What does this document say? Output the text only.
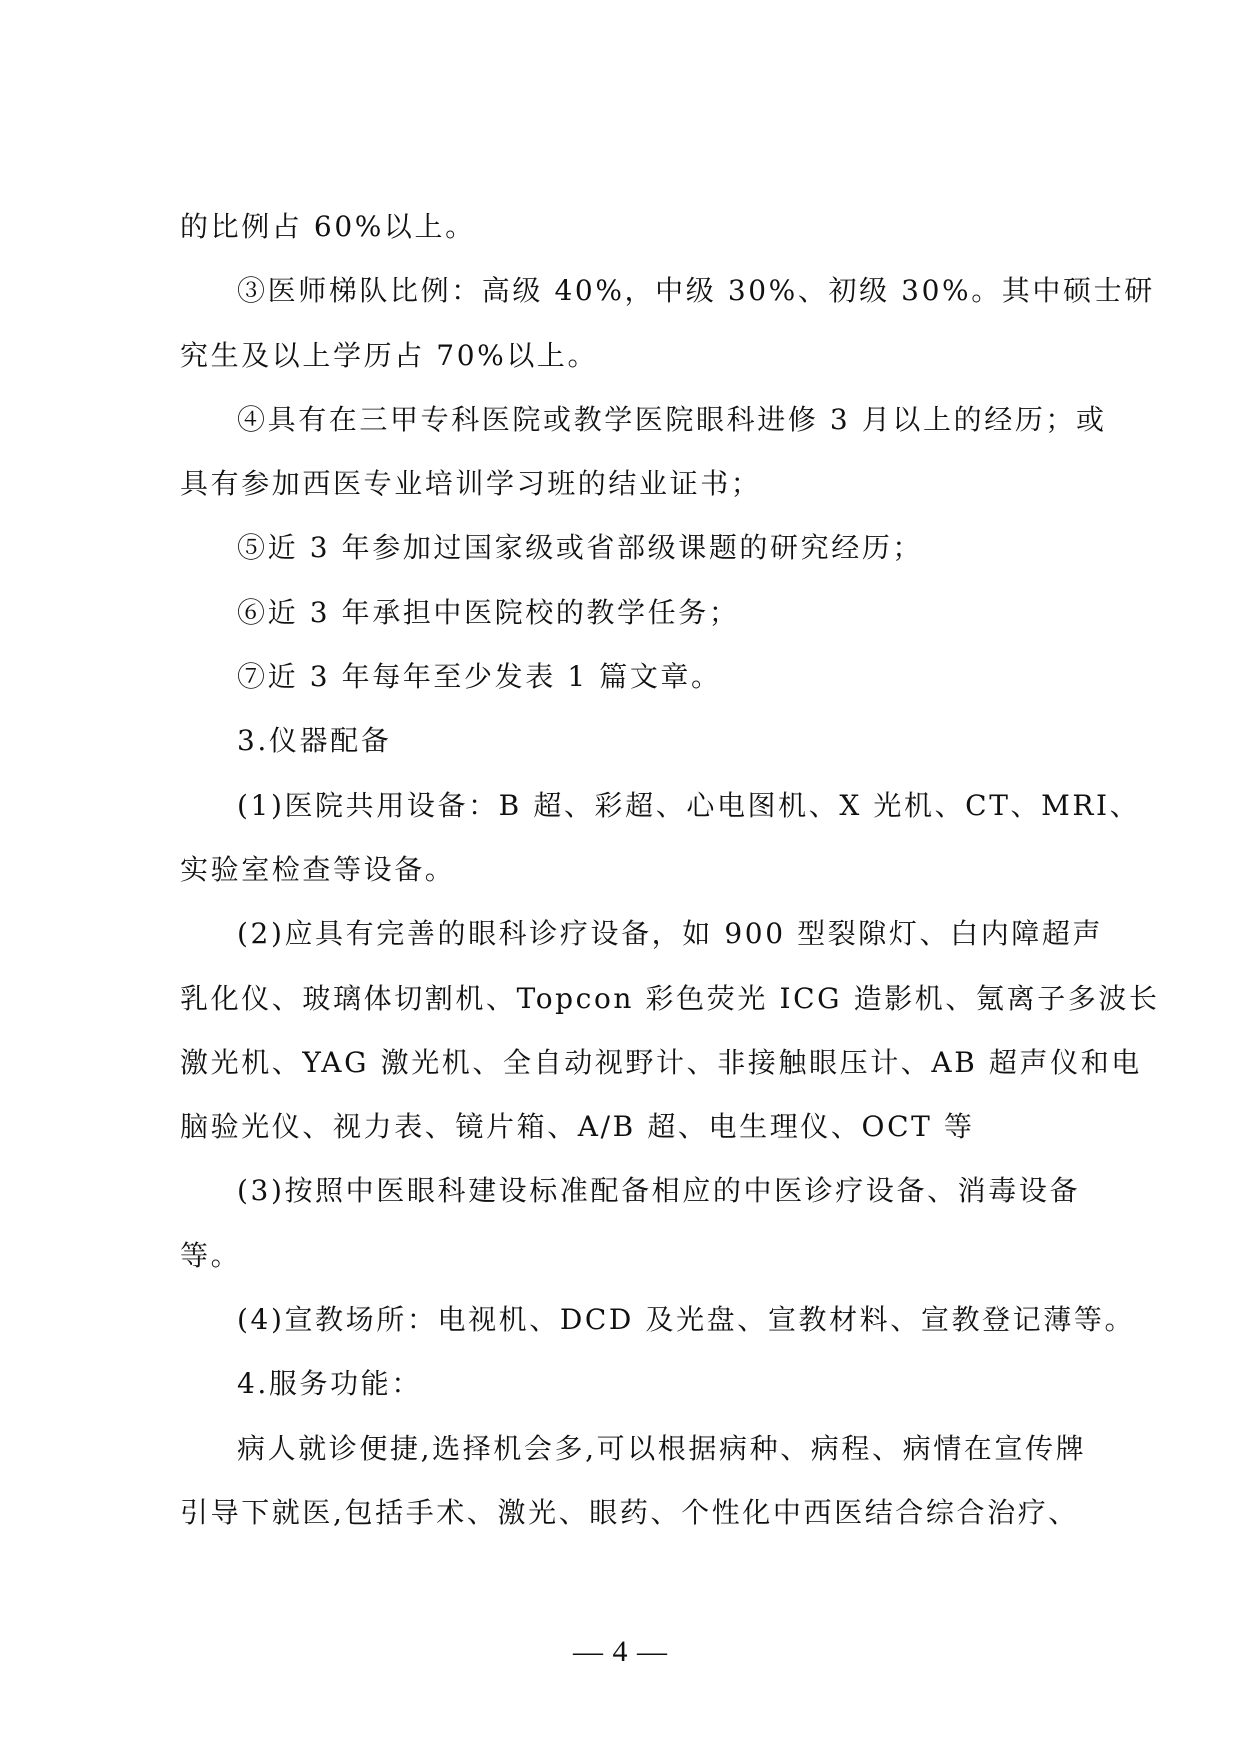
的比例占 60%以上。
③医师梯队比例：高级 40%，中级 30%、初级 30%。其中硕士研
究生及以上学历占 70%以上。
④具有在三甲专科医院或教学医院眼科进修 3 月以上的经历；或
具有参加西医专业培训学习班的结业证书；
⑤近 3 年参加过国家级或省部级课题的研究经历；
⑥近 3 年承担中医院校的教学任务；
⑦近 3 年每年至少发表 1 篇文章。
3.仪器配备
(1)医院共用设备：B 超、彩超、心电图机、X 光机、CT、MRI、
实验室检查等设备。
(2)应具有完善的眼科诊疗设备，如 900 型裂隙灯、白内障超声
乳化仪、玻璃体切割机、Topcon 彩色荧光 ICG 造影机、氪离子多波长
激光机、YAG 激光机、全自动视野计、非接触眼压计、AB 超声仪和电
脑验光仪、视力表、镜片箱、A/B 超、电生理仪、OCT 等
(3)按照中医眼科建设标准配备相应的中医诊疗设备、消毒设备
等。
(4)宣教场所：电视机、DCD 及光盘、宣教材料、宣教登记薄等。
4.服务功能：
病人就诊便捷,选择机会多,可以根据病种、病程、病情在宣传牌
引导下就医,包括手术、激光、眼药、个性化中西医结合综合治疗、
— 4 —
